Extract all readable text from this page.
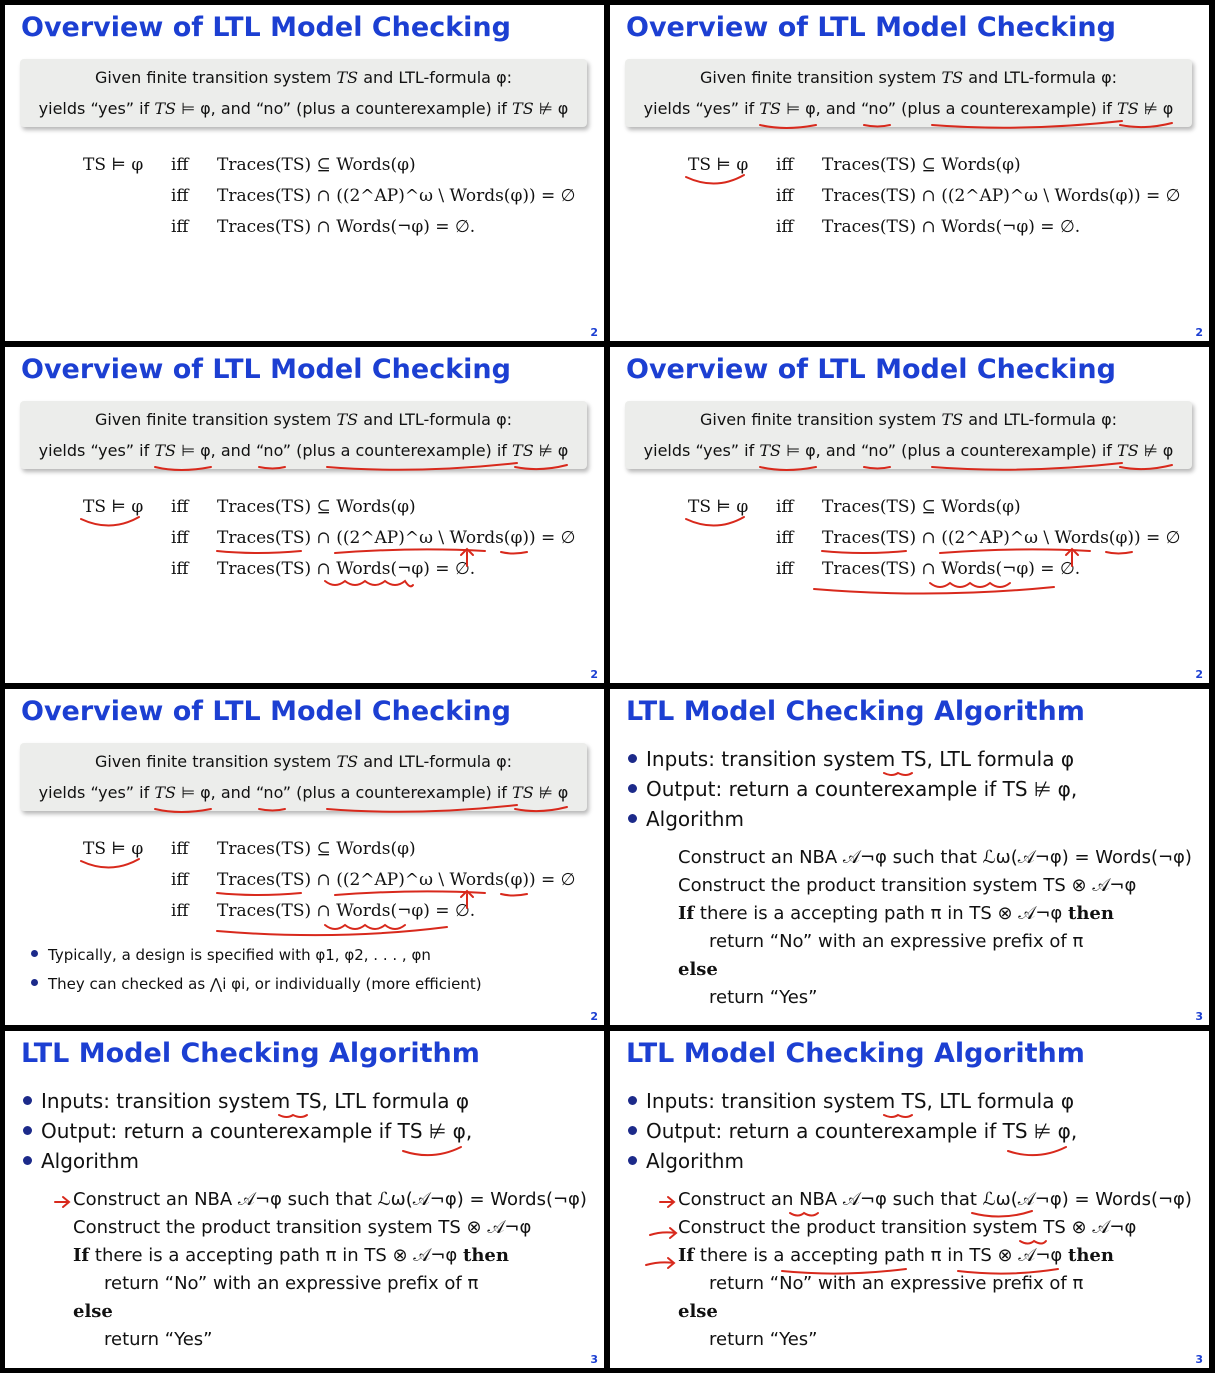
Overview of LTL Model Checking
Given finite transition system TS and LTL-formula φ:
yields “yes” if TS ⊨ φ, and “no” (plus a counterexample) if TS ⊭ φ
TS ⊨ φ iff Traces(TS) ⊆ Words(φ)
iff Traces(TS) ∩ ((2^AP)^ω \ Words(φ)) = ∅
iff Traces(TS) ∩ Words(¬φ) = ∅.
2
Overview of LTL Model Checking
Given finite transition system TS and LTL-formula φ:
yields “yes” if TS ⊨ φ, and “no” (plus a counterexample) if TS ⊭ φ
TS ⊨ φ iff Traces(TS) ⊆ Words(φ)
iff Traces(TS) ∩ ((2^AP)^ω \ Words(φ)) = ∅
iff Traces(TS) ∩ Words(¬φ) = ∅.
2
Overview of LTL Model Checking
Given finite transition system TS and LTL-formula φ:
yields “yes” if TS ⊨ φ, and “no” (plus a counterexample) if TS ⊭ φ
TS ⊨ φ iff Traces(TS) ⊆ Words(φ)
iff Traces(TS) ∩ ((2^AP)^ω \ Words(φ)) = ∅
iff Traces(TS) ∩ Words(¬φ) = ∅.
2
Overview of LTL Model Checking
Given finite transition system TS and LTL-formula φ:
yields “yes” if TS ⊨ φ, and “no” (plus a counterexample) if TS ⊭ φ
TS ⊨ φ iff Traces(TS) ⊆ Words(φ)
iff Traces(TS) ∩ ((2^AP)^ω \ Words(φ)) = ∅
iff Traces(TS) ∩ Words(¬φ) = ∅.
2
Overview of LTL Model Checking
Given finite transition system TS and LTL-formula φ:
yields “yes” if TS ⊨ φ, and “no” (plus a counterexample) if TS ⊭ φ
TS ⊨ φ iff Traces(TS) ⊆ Words(φ)
iff Traces(TS) ∩ ((2^AP)^ω \ Words(φ)) = ∅
iff Traces(TS) ∩ Words(¬φ) = ∅.
Typically, a design is specified with φ1, φ2, . . . , φn
They can checked as ⋀i φi, or individually (more efficient)
2
LTL Model Checking Algorithm
Inputs: transition system TS, LTL formula φ
Output: return a counterexample if TS ⊭ φ,
Algorithm
Construct an NBA 𝒜¬φ such that ℒω(𝒜¬φ) = Words(¬φ)
Construct the product transition system TS ⊗ 𝒜¬φ
If there is a accepting path π in TS ⊗ 𝒜¬φ then
return “No” with an expressive prefix of π
else
return “Yes”
3
LTL Model Checking Algorithm
Inputs: transition system TS, LTL formula φ
Output: return a counterexample if TS ⊭ φ,
Algorithm
Construct an NBA 𝒜¬φ such that ℒω(𝒜¬φ) = Words(¬φ)
Construct the product transition system TS ⊗ 𝒜¬φ
If there is a accepting path π in TS ⊗ 𝒜¬φ then
return “No” with an expressive prefix of π
else
return “Yes”
3
LTL Model Checking Algorithm
Inputs: transition system TS, LTL formula φ
Output: return a counterexample if TS ⊭ φ,
Algorithm
Construct an NBA 𝒜¬φ such that ℒω(𝒜¬φ) = Words(¬φ)
Construct the product transition system TS ⊗ 𝒜¬φ
If there is a accepting path π in TS ⊗ 𝒜¬φ then
return “No” with an expressive prefix of π
else
return “Yes”
3
